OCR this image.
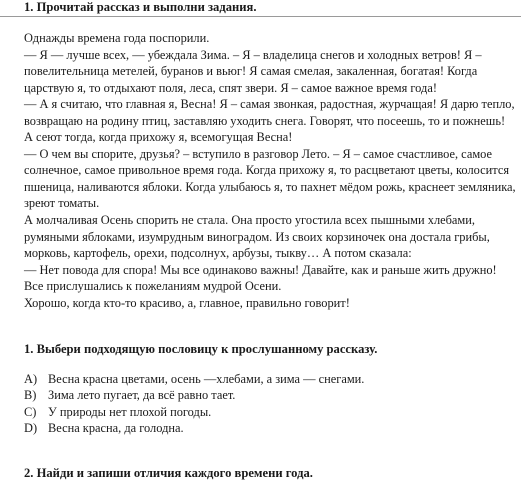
1. Прочитай рассказ и выполни задания.

Однажды времена года поспорили.

— Я — лучше всех, — убеждала Зима. – Я – владелица снегов и холодных ветров! Я – повелительница метелей, буранов и вьюг! Я самая смелая, закаленная, богатая! Когда царствую я, то отдыхают поля, леса, спят звери. Я – самое важное время года!

— А я считаю, что главная я, Весна! Я – самая звонкая, радостная, журчащая! Я дарю тепло, возвращаю на родину птиц, заставляю уходить снега. Говорят, что посеешь, то и пожнешь! А сеют тогда, когда прихожу я, всемогущая Весна!

— О чем вы спорите, друзья? – вступило в разговор Лето. – Я – самое счастливое, самое солнечное, самое привольное время года. Когда прихожу я, то расцветают цветы, колосится пшеница, наливаются яблоки. Когда улыбаюсь я, то пахнет мёдом рожь, краснеет земляника, зреют томаты.

А молчаливая Осень спорить не стала. Она просто угостила всех пышными хлебами, румяными яблоками, изумрудным виноградом. Из своих корзиночек она достала грибы, морковь, картофель, орехи, подсолнух, арбузы, тыкву… А потом сказала:

— Нет повода для спора! Мы все одинаково важны! Давайте, как и раньше жить дружно!

Все прислушались к пожеланиям мудрой Осени.

Хорошо, когда кто-то красиво, а, главное, правильно говорит!

1. Выбери подходящую пословицу к прослушанному рассказу.
A) Весна красна цветами, осень —хлебами, а зима — снегами.
B) Зима лето пугает, да всё равно тает.
C) У природы нет плохой погоды.
D) Весна красна, да голодна.
2. Найди и запиши отличия каждого времени года.
